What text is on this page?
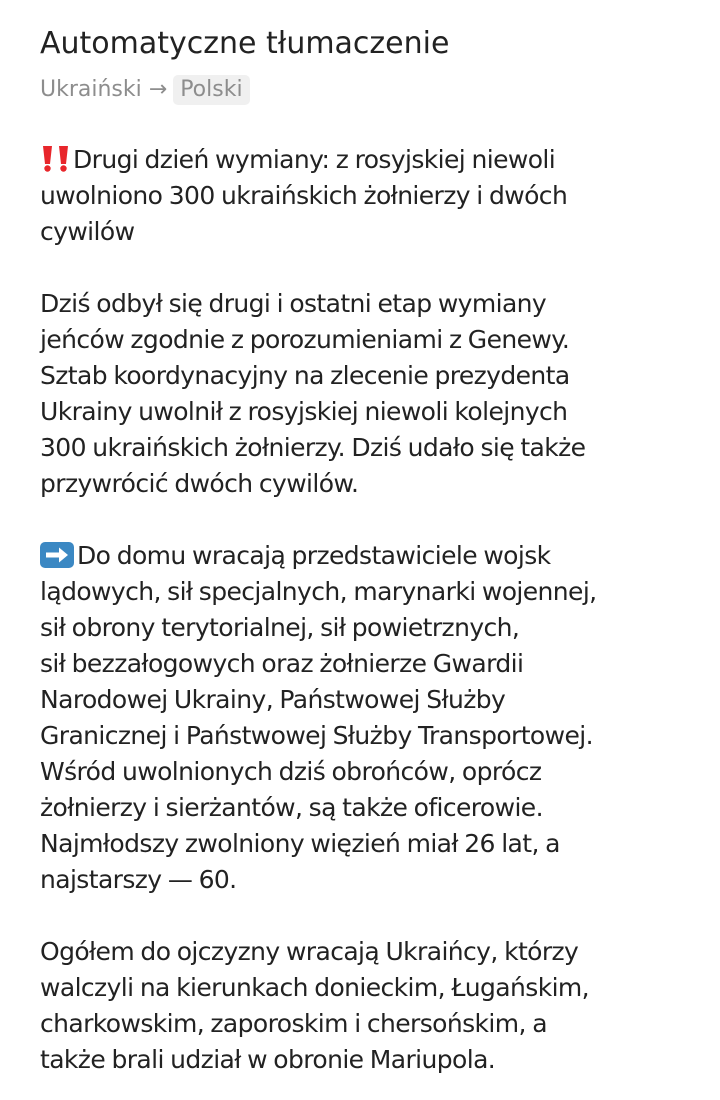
Automatyczne tłumaczenie
Ukraiński → Polski
Drugi dzień wymiany: z rosyjskiej niewoli
uwolniono 300 ukraińskich żołnierzy i dwóch
cywilów
Dziś odbył się drugi i ostatni etap wymiany
jeńców zgodnie z porozumieniami z Genewy.
Sztab koordynacyjny na zlecenie prezydenta
Ukrainy uwolnił z rosyjskiej niewoli kolejnych
300 ukraińskich żołnierzy. Dziś udało się także
przywrócić dwóch cywilów.
Do domu wracają przedstawiciele wojsk
lądowych, sił specjalnych, marynarki wojennej,
sił obrony terytorialnej, sił powietrznych,
sił bezzałogowych oraz żołnierze Gwardii
Narodowej Ukrainy, Państwowej Służby
Granicznej i Państwowej Służby Transportowej.
Wśród uwolnionych dziś obrońców, oprócz
żołnierzy i sierżantów, są także oficerowie.
Najmłodszy zwolniony więzień miał 26 lat, a
najstarszy — 60.
Ogółem do ojczyzny wracają Ukraińcy, którzy
walczyli na kierunkach donieckim, Ługańskim,
charkowskim, zaporoskim i chersońskim, a
także brali udział w obronie Mariupola.
